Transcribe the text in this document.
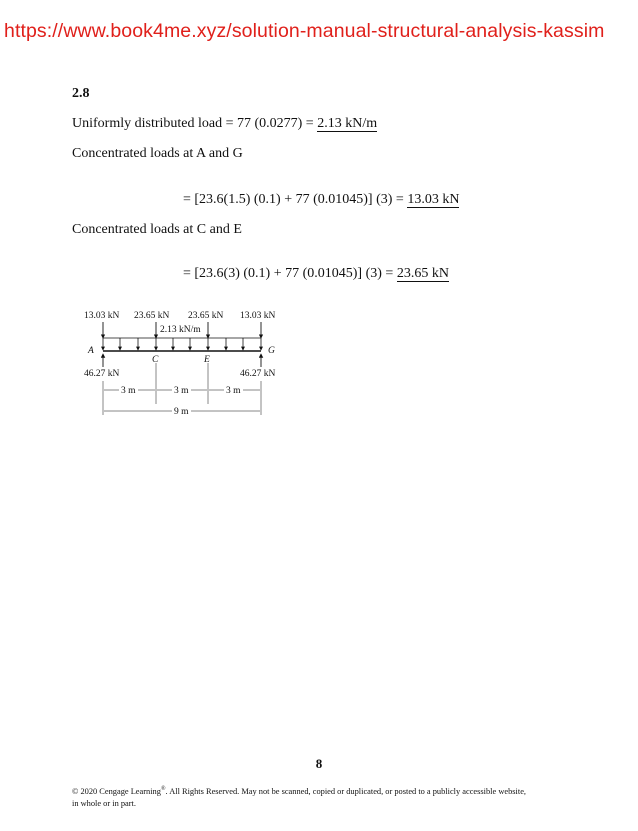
https://www.book4me.xyz/solution-manual-structural-analysis-kassim
2.8
Uniformly distributed load = 77 (0.0277) = 2.13 kN/m
Concentrated loads at A and G
= [23.6(1.5) (0.1) + 77 (0.01045)] (3) = 13.03 kN
Concentrated loads at C and E
= [23.6(3) (0.1) + 77 (0.01045)] (3) = 23.65 kN
13.03 kN 23.65 kN 23.65 kN 13.03 kN
2.13 kN/m
A
C	E
G
46.27 kN	46.27 kN
3 m	3 m	3 m
9 m
8
© 2020 Cengage Learning®. All Rights Reserved. May not be scanned, copied or duplicated, or posted to a publicly accessible website,
in whole or in part.
